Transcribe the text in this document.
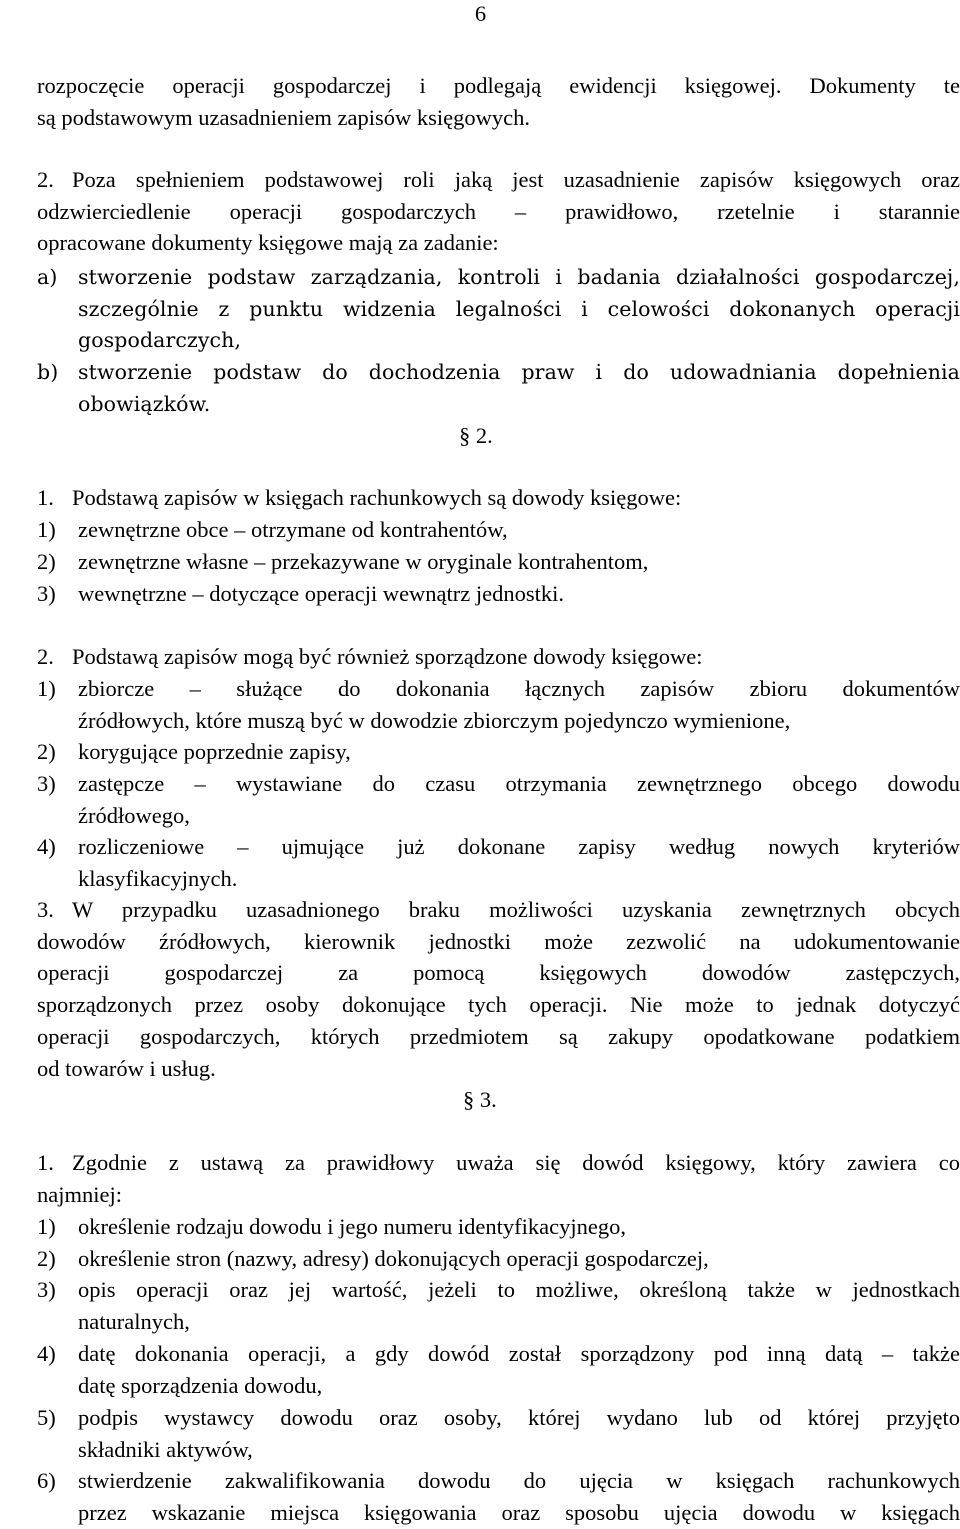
6
rozpoczęcie operacji gospodarczej i podlegają ewidencji księgowej. Dokumenty te
są podstawowym uzasadnieniem zapisów księgowych.
2. Poza spełnieniem podstawowej roli jaką jest uzasadnienie zapisów księgowych oraz
odzwierciedlenie operacji gospodarczych – prawidłowo, rzetelnie i starannie
opracowane dokumenty księgowe mają za zadanie:
a) stworzenie podstaw zarządzania, kontroli i badania działalności gospodarczej,
szczególnie z punktu widzenia legalności i celowości dokonanych operacji
gospodarczych,
b) stworzenie podstaw do dochodzenia praw i do udowadniania dopełnienia
obowiązków.
§ 2.
1. Podstawą zapisów w księgach rachunkowych są dowody księgowe:
1) zewnętrzne obce – otrzymane od kontrahentów,
2) zewnętrzne własne – przekazywane w oryginale kontrahentom,
3) wewnętrzne – dotyczące operacji wewnątrz jednostki.
2. Podstawą zapisów mogą być również sporządzone dowody księgowe:
1) zbiorcze – służące do dokonania łącznych zapisów zbioru dokumentów
źródłowych, które muszą być w dowodzie zbiorczym pojedynczo wymienione,
2) korygujące poprzednie zapisy,
3) zastępcze – wystawiane do czasu otrzymania zewnętrznego obcego dowodu
źródłowego,
4) rozliczeniowe – ujmujące już dokonane zapisy według nowych kryteriów
klasyfikacyjnych.
3. W przypadku uzasadnionego braku możliwości uzyskania zewnętrznych obcych
dowodów źródłowych, kierownik jednostki może zezwolić na udokumentowanie
operacji gospodarczej za pomocą księgowych dowodów zastępczych,
sporządzonych przez osoby dokonujące tych operacji. Nie może to jednak dotyczyć
operacji gospodarczych, których przedmiotem są zakupy opodatkowane podatkiem
od towarów i usług.
§ 3.
1. Zgodnie z ustawą za prawidłowy uważa się dowód księgowy, który zawiera co
najmniej:
1) określenie rodzaju dowodu i jego numeru identyfikacyjnego,
2) określenie stron (nazwy, adresy) dokonujących operacji gospodarczej,
3) opis operacji oraz jej wartość, jeżeli to możliwe, określoną także w jednostkach
naturalnych,
4) datę dokonania operacji, a gdy dowód został sporządzony pod inną datą – także
datę sporządzenia dowodu,
5) podpis wystawcy dowodu oraz osoby, której wydano lub od której przyjęto
składniki aktywów,
6) stwierdzenie zakwalifikowania dowodu do ujęcia w księgach rachunkowych
przez wskazanie miejsca księgowania oraz sposobu ujęcia dowodu w księgach
